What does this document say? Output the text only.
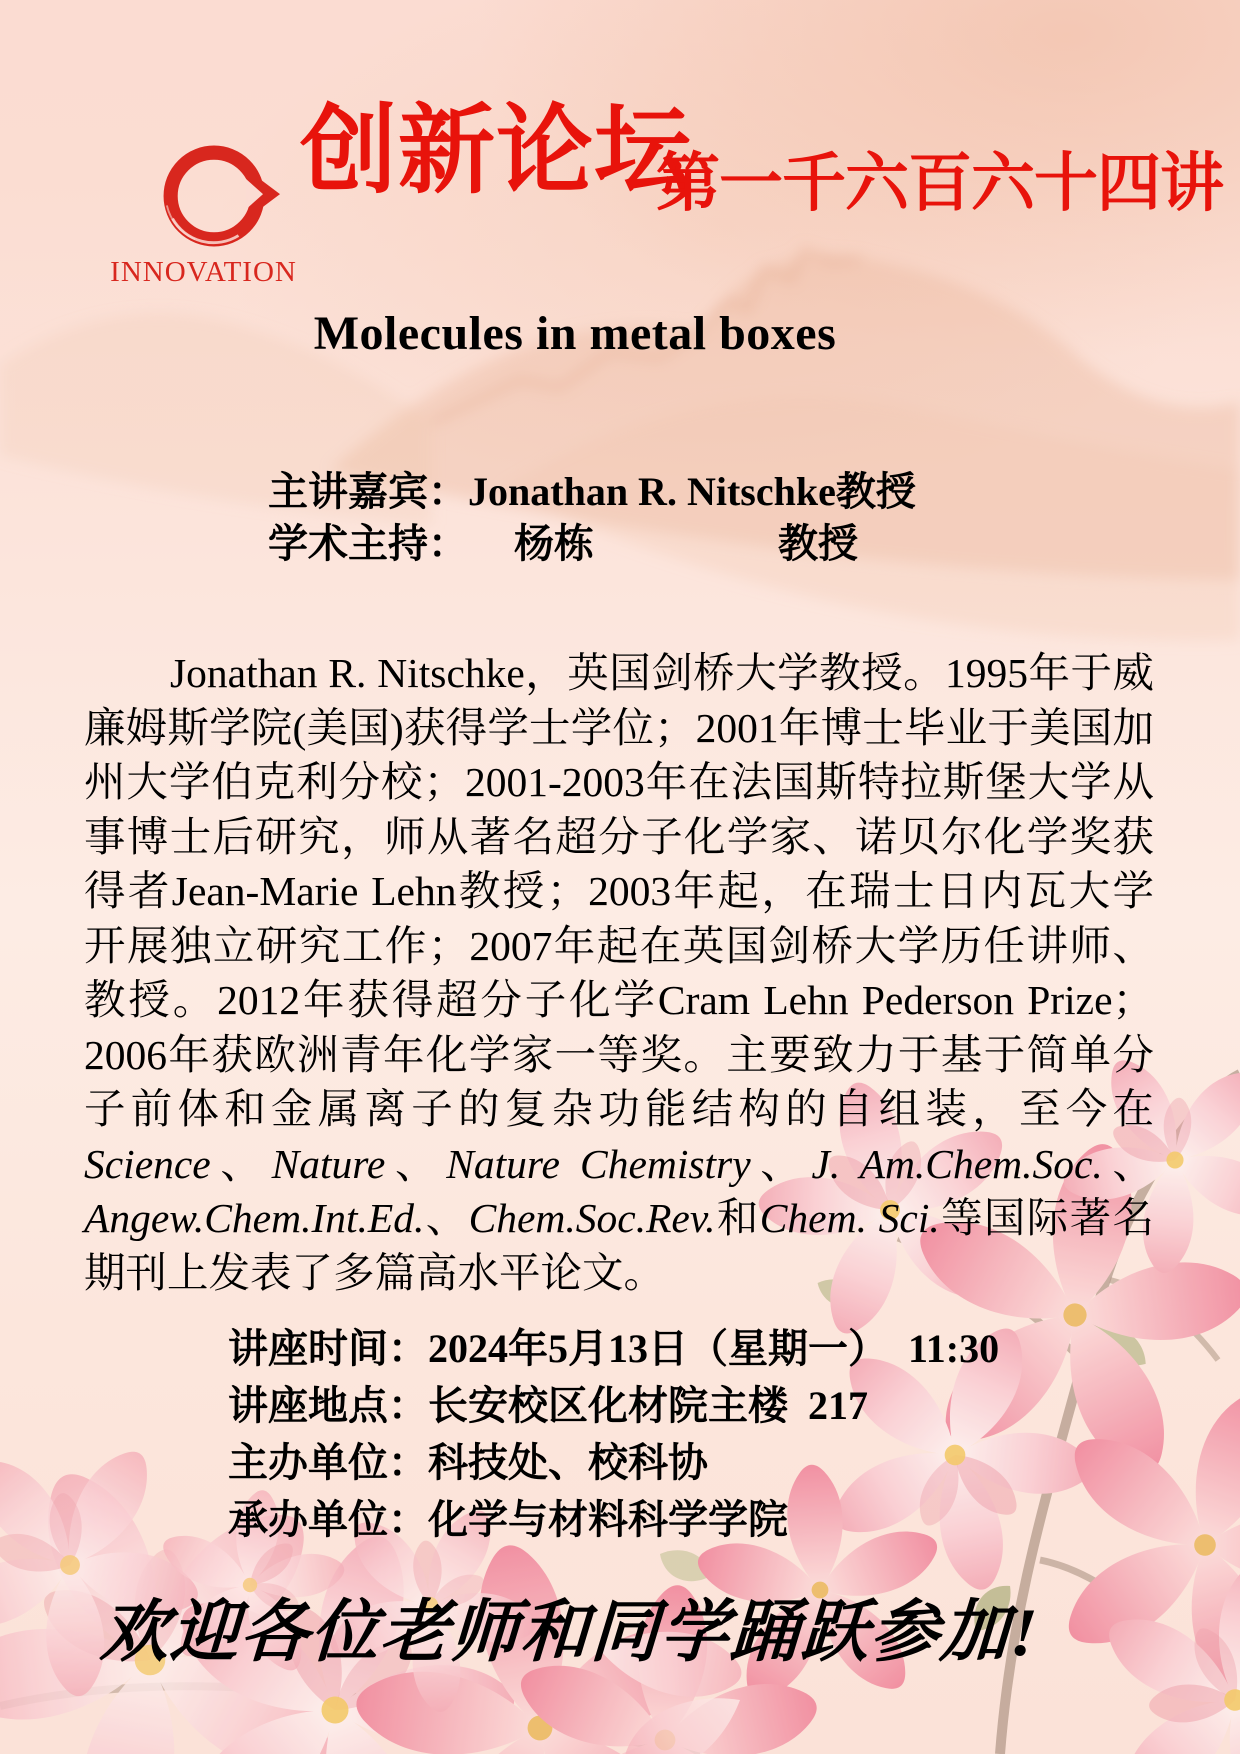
INNOVATION
创新论坛
第一千六百六十四讲
Molecules in metal boxes
主讲嘉宾： Jonathan R. Nitschke 教授
学术主持：	杨栋	教授

Jonathan R. Nitschke，英国剑桥大学教授。1995年于威廉姆斯学院(美国)获得学士学位；2001年博士毕业于美国加州大学伯克利分校；2001-2003年在法国斯特拉斯堡大学从事博士后研究，师从著名超分子化学家、诺贝尔化学奖获得者Jean-Marie Lehn教授；2003年起，在瑞士日内瓦大学开展独立研究工作；2007年起在英国剑桥大学历任讲师、教授。2012年获得超分子化学Cram Lehn Pederson Prize；2006年获欧洲青年化学家一等奖。主要致力于基于简单分子前体和金属离子的复杂功能结构的自组装，至今在Science、Nature、Nature Chemistry、J. Am.Chem.Soc.、Angew.Chem.Int.Ed.、Chem.Soc.Rev.和Chem. Sci.等国际著名期刊上发表了多篇高水平论文。

讲座时间：2024年5月13日（星期一）  11:30
讲座地点：长安校区化材院主楼  217
主办单位：科技处、校科协
承办单位：化学与材料科学学院
欢迎各位老师和同学踊跃参加!
